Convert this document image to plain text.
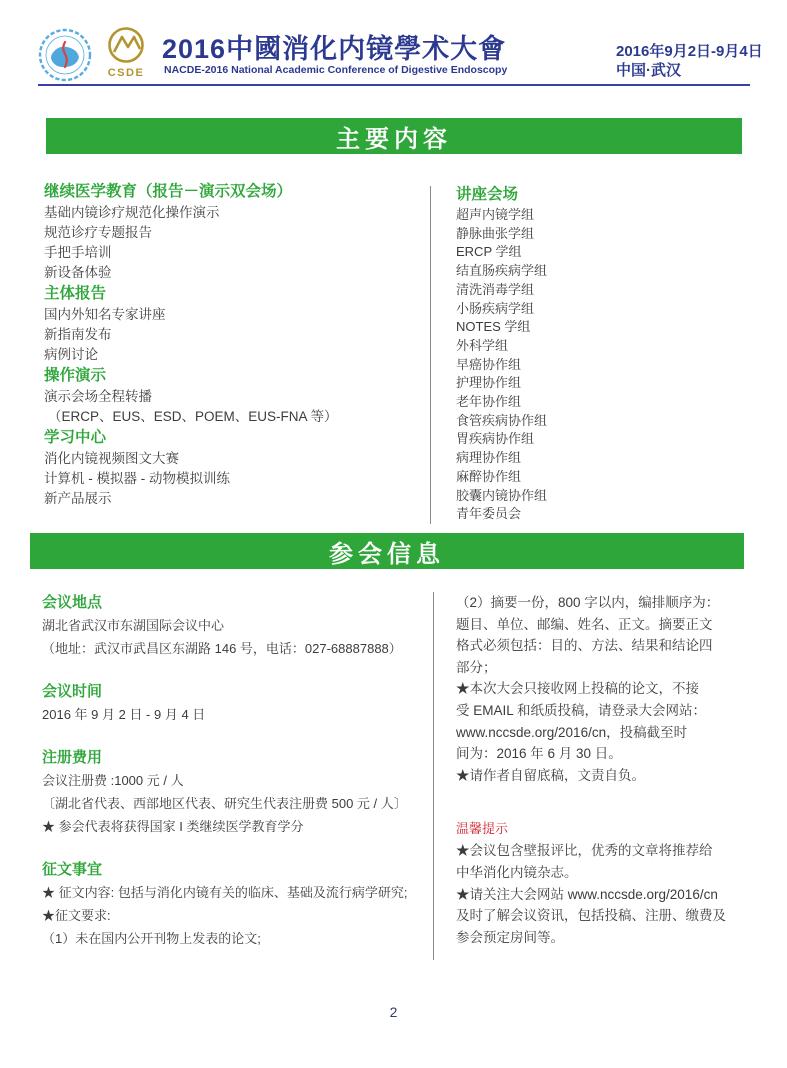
CSDE
2016中國消化内镜學术大會
NACDE-2016 National Academic Conference of Digestive Endoscopy
2016年9月2日-9月4日
中国·武汉
主要内容
继续医学教育（报告－演示双会场）
基础内镜诊疗规范化操作演示
规范诊疗专题报告
手把手培训
新设备体验
主体报告
国内外知名专家讲座
新指南发布
病例讨论
操作演示
演示会场全程转播
（ERCP、EUS、ESD、POEM、EUS-FNA 等）
学习中心
消化内镜视频图文大赛
计算机 - 模拟器 - 动物模拟训练
新产品展示
讲座会场
超声内镜学组
静脉曲张学组
ERCP 学组
结直肠疾病学组
清洗消毒学组
小肠疾病学组
NOTES 学组
外科学组
早癌协作组
护理协作组
老年协作组
食管疾病协作组
胃疾病协作组
病理协作组
麻醉协作组
胶囊内镜协作组
青年委员会
参会信息
会议地点
湖北省武汉市东湖国际会议中心
（地址：武汉市武昌区东湖路 146 号，电话：027-68887888）
会议时间
2016 年 9 月 2 日 - 9 月 4 日
注册费用
会议注册费 :1000 元 / 人
〔湖北省代表、西部地区代表、研究生代表注册费 500 元 / 人〕
★ 参会代表将获得国家 I 类继续医学教育学分
征文事宜
★ 征文内容: 包括与消化内镜有关的临床、基础及流行病学研究;
★征文要求:
（1）未在国内公开刊物上发表的论文;
（2）摘要一份，800 字以内，编排顺序为：
题目、单位、邮编、姓名、正文。摘要正文
格式必须包括：目的、方法、结果和结论四
部分；
★本次大会只接收网上投稿的论文，不接
受 EMAIL 和纸质投稿，请登录大会网站：
www.nccsde.org/2016/cn，投稿截至时
间为：2016 年 6 月 30 日。
★请作者自留底稿，文责自负。
温馨提示
★会议包含壁报评比，优秀的文章将推荐给
中华消化内镜杂志。
★请关注大会网站 www.nccsde.org/2016/cn
及时了解会议资讯，包括投稿、注册、缴费及
参会预定房间等。
2
